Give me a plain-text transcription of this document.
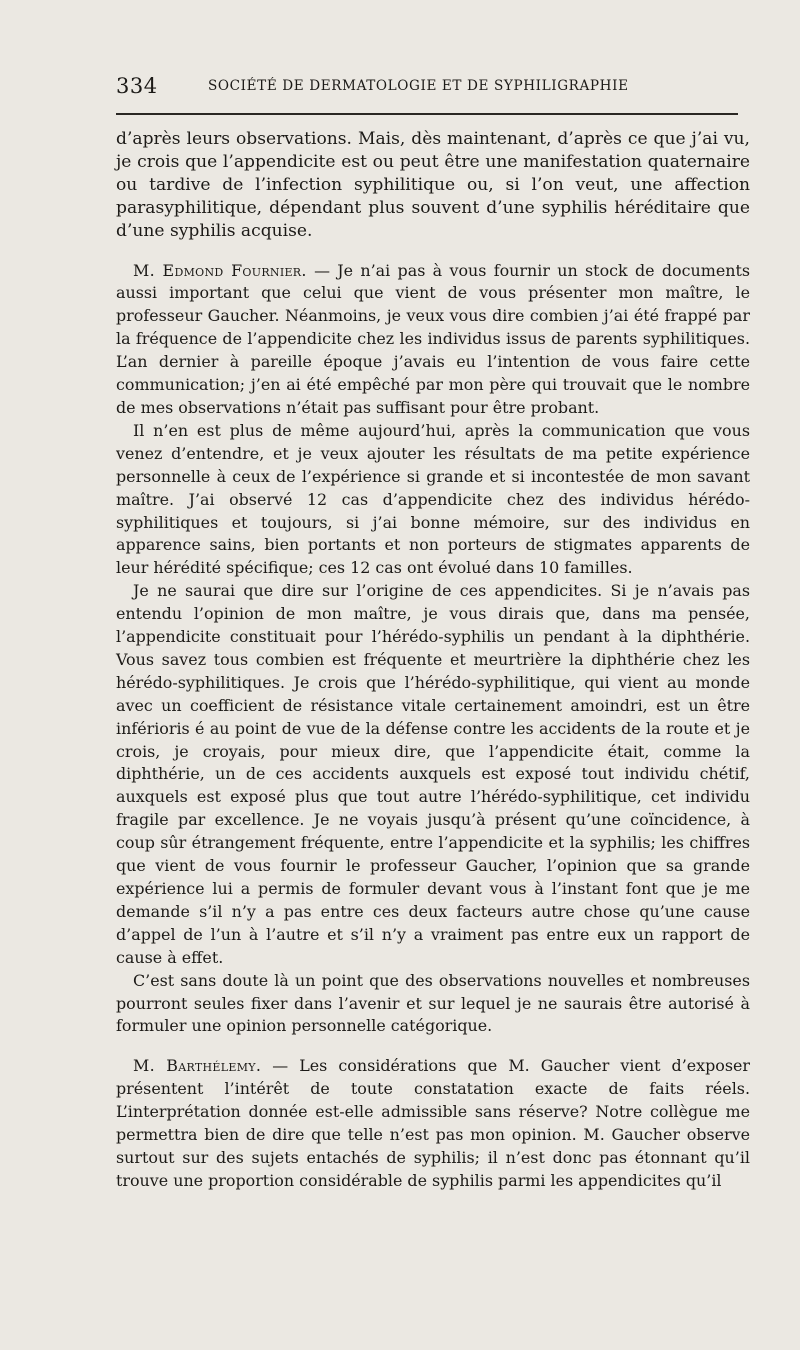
334	SOCIÉTÉ DE DERMATOLOGIE ET DE SYPHILIGRAPHIE

d’après leurs observations. Mais, dès maintenant, d’après ce que j’ai vu, je crois que l’appendicite est ou peut être une manifestation quaternaire ou tardive de l’infection syphilitique ou, si l’on veut, une affection parasyphilitique, dépendant plus souvent d’une syphilis héréditaire que d’une syphilis acquise.

M. Edmond Fournier. — Je n’ai pas à vous fournir un stock de documents aussi important que celui que vient de vous présenter mon maître, le professeur Gaucher. Néanmoins, je veux vous dire combien j’ai été frappé par la fréquence de l’appendicite chez les individus issus de parents syphilitiques. L’an dernier à pareille époque j’avais eu l’intention de vous faire cette communication; j’en ai été empêché par mon père qui trouvait que le nombre de mes observations n’était pas suffisant pour être probant.

Il n’en est plus de même aujourd’hui, après la communication que vous venez d’entendre, et je veux ajouter les résultats de ma petite expérience personnelle à ceux de l’expérience si grande et si incontestée de mon savant maître. J’ai observé 12 cas d’appendicite chez des individus hérédo-syphilitiques et toujours, si j’ai bonne mémoire, sur des individus en apparence sains, bien portants et non porteurs de stigmates apparents de leur hérédité spécifique; ces 12 cas ont évolué dans 10 familles.

Je ne saurai que dire sur l’origine de ces appendicites. Si je n’avais pas entendu l’opinion de mon maître, je vous dirais que, dans ma pensée, l’appendicite constituait pour l’hérédo-syphilis un pendant à la diphthérie. Vous savez tous combien est fréquente et meurtrière la diphthérie chez les hérédo-syphilitiques. Je crois que l’hérédo-syphilitique, qui vient au monde avec un coefficient de résistance vitale certainement amoindri, est un être inférioris é au point de vue de la défense contre les accidents de la route et je crois, je croyais, pour mieux dire, que l’appendicite était, comme la diphthérie, un de ces accidents auxquels est exposé tout individu chétif, auxquels est exposé plus que tout autre l’hérédo-syphilitique, cet individu fragile par excellence. Je ne voyais jusqu’à présent qu’une coïncidence, à coup sûr étrangement fréquente, entre l’appendicite et la syphilis; les chiffres que vient de vous fournir le professeur Gaucher, l’opinion que sa grande expérience lui a permis de formuler devant vous à l’instant font que je me demande s’il n’y a pas entre ces deux facteurs autre chose qu’une cause d’appel de l’un à l’autre et s’il n’y a vraiment pas entre eux un rapport de cause à effet.

C’est sans doute là un point que des observations nouvelles et nombreuses pourront seules fixer dans l’avenir et sur lequel je ne saurais être autorisé à formuler une opinion personnelle catégorique.

M. Barthélemy. — Les considérations que M. Gaucher vient d’exposer présentent l’intérêt de toute constatation exacte de faits réels. L’interprétation donnée est-elle admissible sans réserve? Notre collègue me permettra bien de dire que telle n’est pas mon opinion. M. Gaucher observe surtout sur des sujets entachés de syphilis; il n’est donc pas étonnant qu’il trouve une proportion considérable de syphilis parmi les appendicites qu’il
